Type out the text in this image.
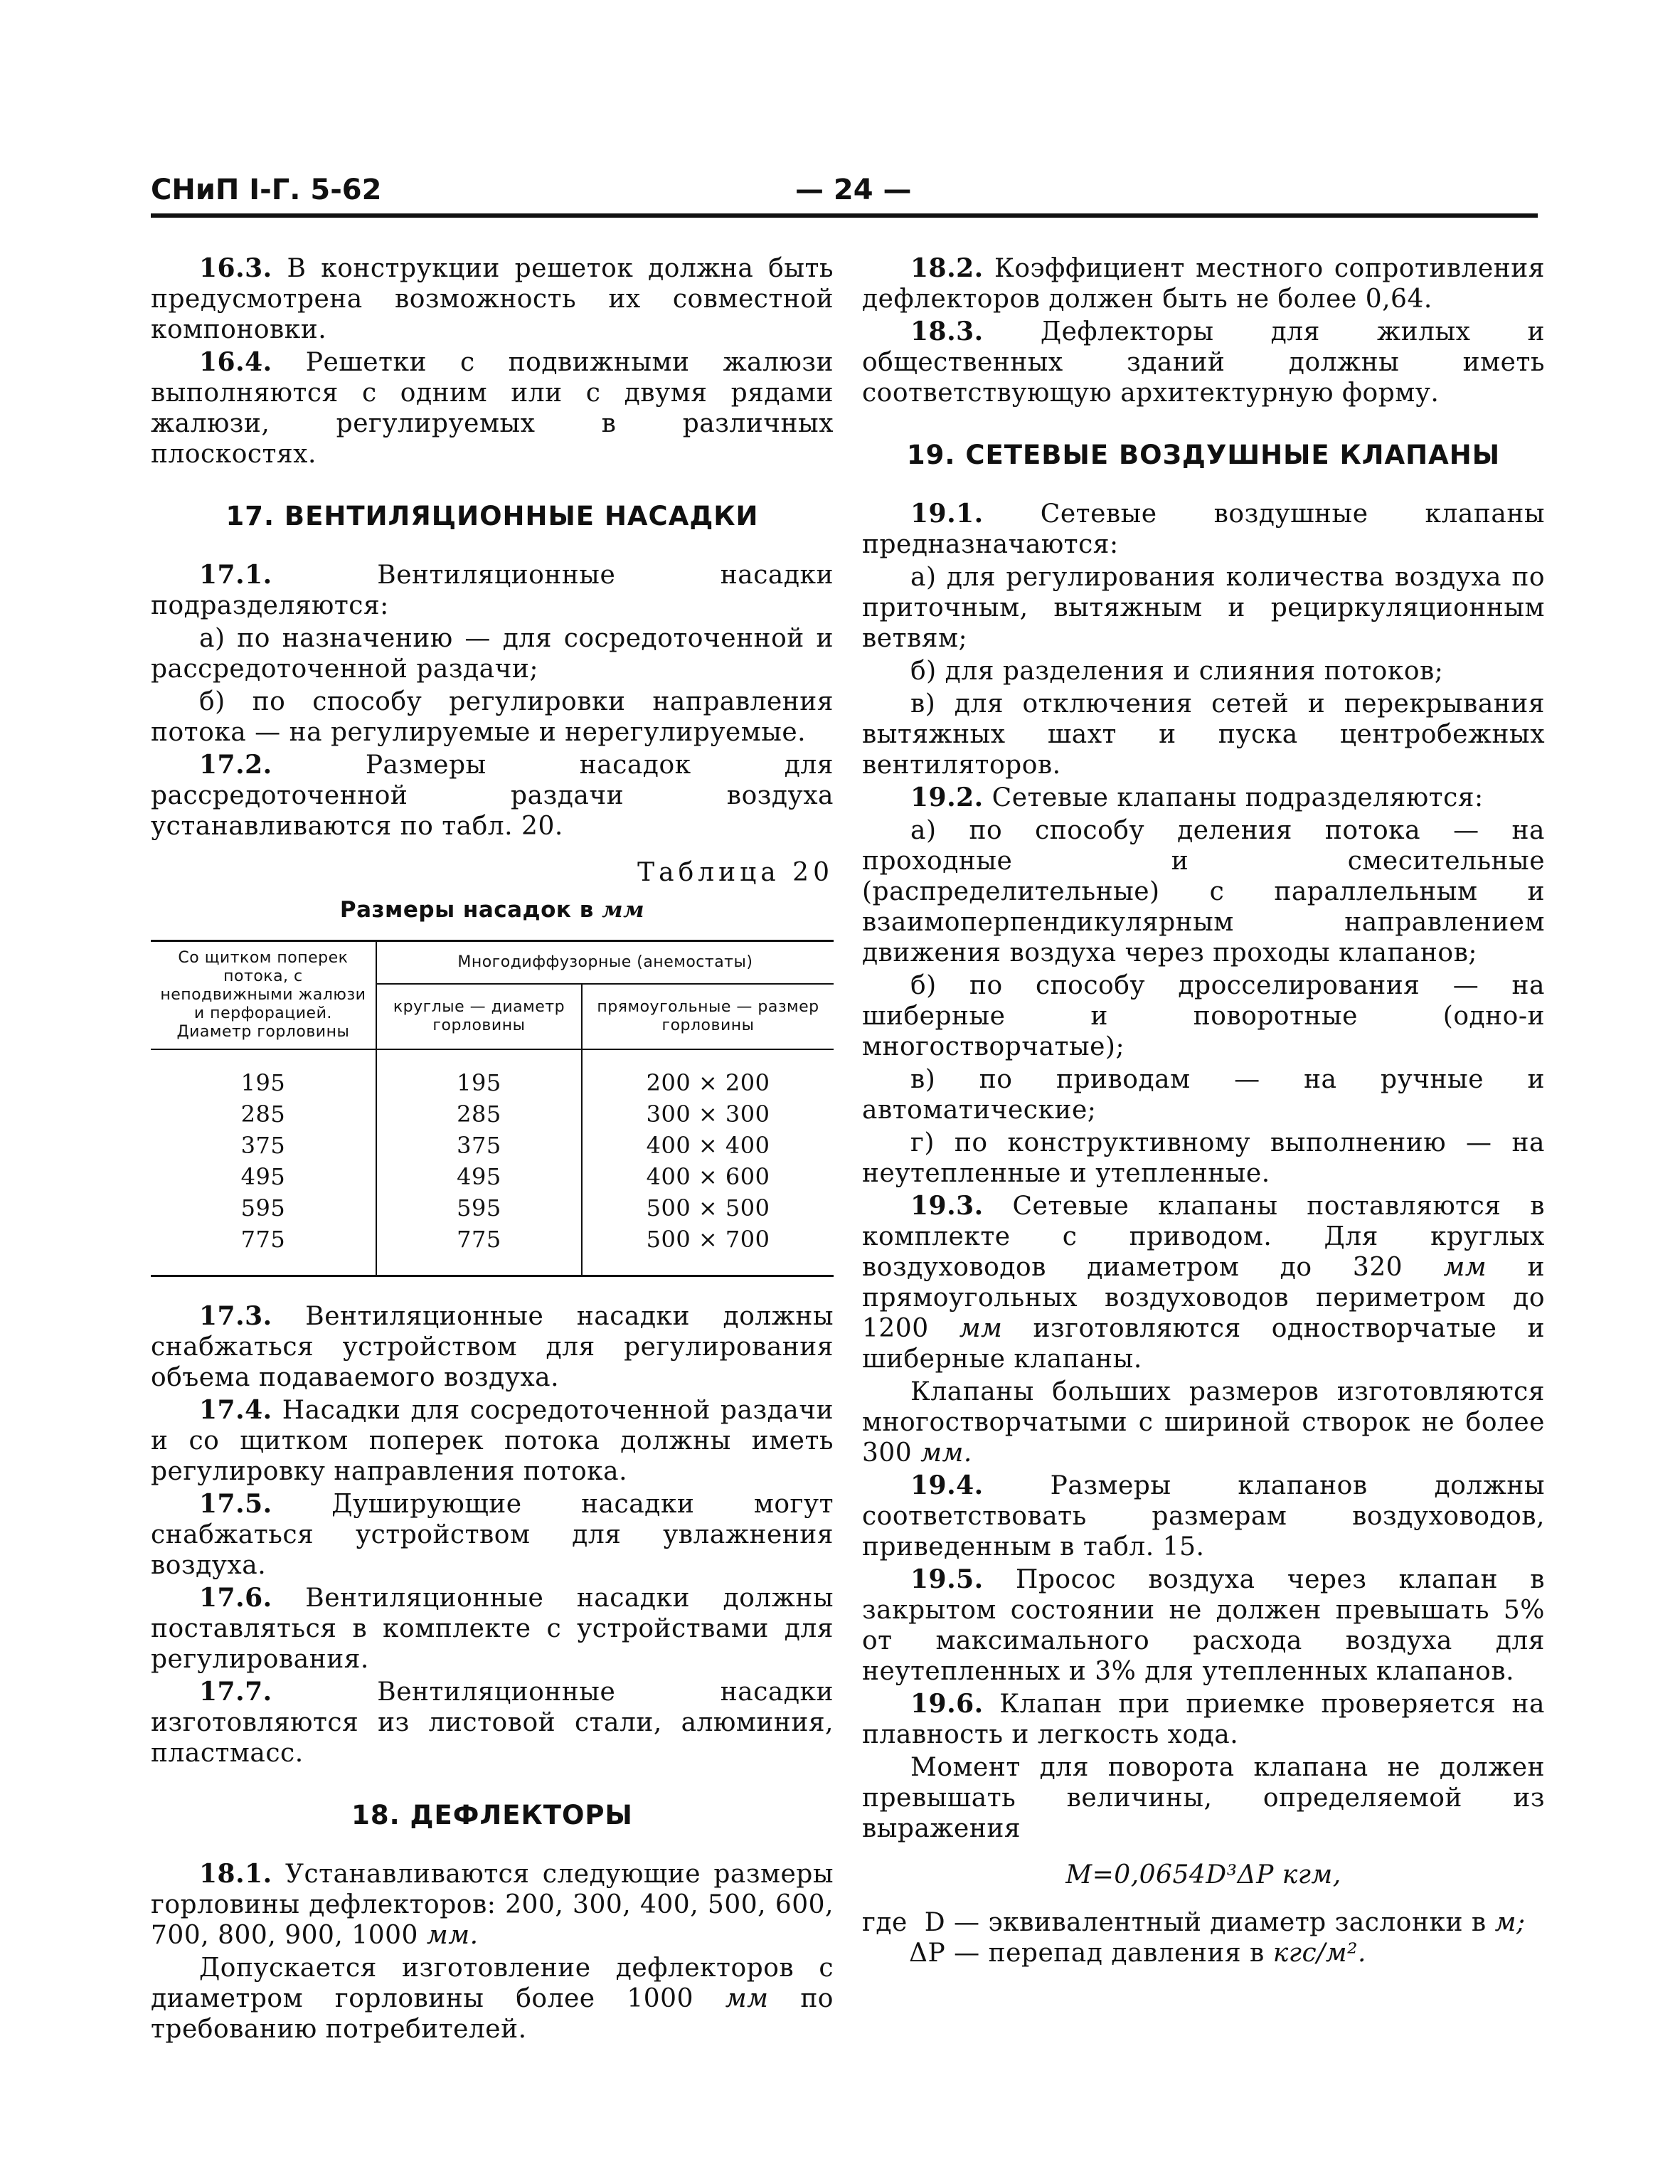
СНиП I-Г. 5-62	— 24 —

16.3. В конструкции решеток должна быть предусмотрена возможность их совместной компоновки.

16.4. Решетки с подвижными жалюзи выполняются с одним или с двумя рядами жалюзи, регулируемых в различных плоскостях.

17. ВЕНТИЛЯЦИОННЫЕ НАСАДКИ

17.1.	Вентиляционные насадки подразделяются:

а) по назначению — для сосредоточенной и рассредоточенной раздачи;

б) по способу регулировки направления потока — на регулируемые и нерегулируемые.

17.2.	Размеры насадок для рассредоточенной раздачи воздуха устанавливаются по табл. 20.

Таблица 20
Размеры насадок в мм
Со щитком поперек потока, с неподвижными жалюзи и перфорацией. Диаметр горловины	Многодиффузорные (анемостаты)	
	круглые — диаметр горловины	прямоугольные — размер горловины
195	195	200 × 200
285	285	300 × 300
375	375	400 × 400
495	495	400 × 600
595	595	500 × 500
775	775	500 × 700

17.3. Вентиляционные насадки должны снабжаться устройством для регулирования объема подаваемого воздуха.

17.4. Насадки для сосредоточенной раздачи и со щитком поперек потока должны иметь регулировку направления потока.

17.5. Душирующие насадки могут снабжаться устройством для увлажнения воздуха.

17.6. Вентиляционные насадки должны поставляться в комплекте с устройствами для регулирования.

17.7.	Вентиляционные насадки изготовляются из листовой стали, алюминия, пластмасс.

18. ДЕФЛЕКТОРЫ

18.1. Устанавливаются следующие размеры горловины дефлекторов: 200, 300, 400, 500, 600, 700, 800, 900, 1000 мм.

Допускается изготовление дефлекторов с диаметром горловины более 1000 мм по требованию потребителей.

18.2. Коэффициент местного сопротивления дефлекторов должен быть не более 0,64.

18.3. Дефлекторы для жилых и общественных зданий должны иметь соответствующую архитектурную форму.

19. СЕТЕВЫЕ ВОЗДУШНЫЕ КЛАПАНЫ

19.1. Сетевые воздушные клапаны предназначаются:

а) для регулирования количества воздуха по приточным, вытяжным и рециркуляционным ветвям;

б) для разделения и слияния потоков;

в) для отключения сетей и перекрывания вытяжных шахт и пуска центробежных вентиляторов.

19.2. Сетевые клапаны подразделяются:

а) по способу деления потока — на проходные и смесительные (распределительные) с параллельным и взаимоперпендикулярным направлением движения воздуха через проходы клапанов;

б) по способу дросселирования — на шиберные и поворотные (одно-и многостворчатые);

в) по приводам — на ручные и автоматические;

г) по конструктивному выполнению — на неутепленные и утепленные.

19.3. Сетевые клапаны поставляются в комплекте с приводом. Для круглых воздуховодов диаметром до 320 мм и прямоугольных воздуховодов периметром до 1200 мм изготовляются одностворчатые и шиберные клапаны.

Клапаны больших размеров изготовляются многостворчатыми с шириной створок не более 300 мм.

19.4.	Размеры клапанов должны соответствовать размерам воздуховодов, приведенным в табл. 15.

19.5. Просос воздуха через клапан в закрытом состоянии не должен превышать 5% от максимального расхода воздуха для неутепленных и 3% для утепленных клапанов.

19.6. Клапан при приемке проверяется на плавность и легкость хода.

Момент для поворота клапана не должен превышать величины, определяемой из выражения

M=0,0654D³ΔP кгм,

где D — эквивалентный диаметр заслонки в м;

ΔP — перепад давления в кгс/м².
